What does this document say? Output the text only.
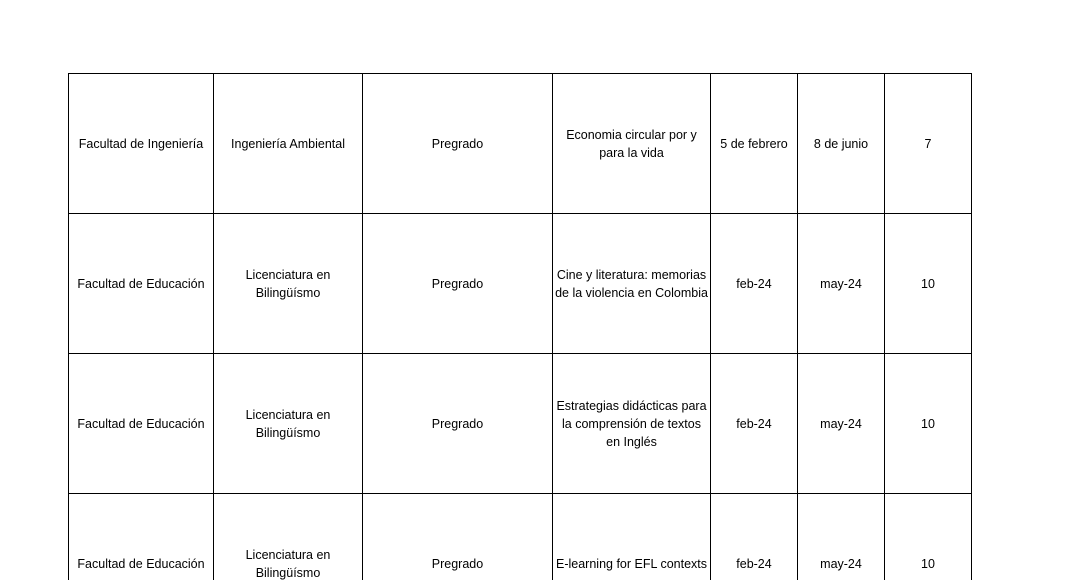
Facultad de Ingeniería	Ingeniería Ambiental	Pregrado	Economia circular por y para la vida	5 de febrero	8 de junio	7
Facultad de Educación	Licenciatura en Bilingüísmo	Pregrado	Cine y literatura: memorias de la violencia en Colombia	feb-24	may-24	10
Facultad de Educación	Licenciatura en Bilingüísmo	Pregrado	Estrategias didácticas para la comprensión de textos en Inglés	feb-24	may-24	10
Facultad de Educación	Licenciatura en Bilingüísmo	Pregrado	E-learning for EFL contexts	feb-24	may-24	10
